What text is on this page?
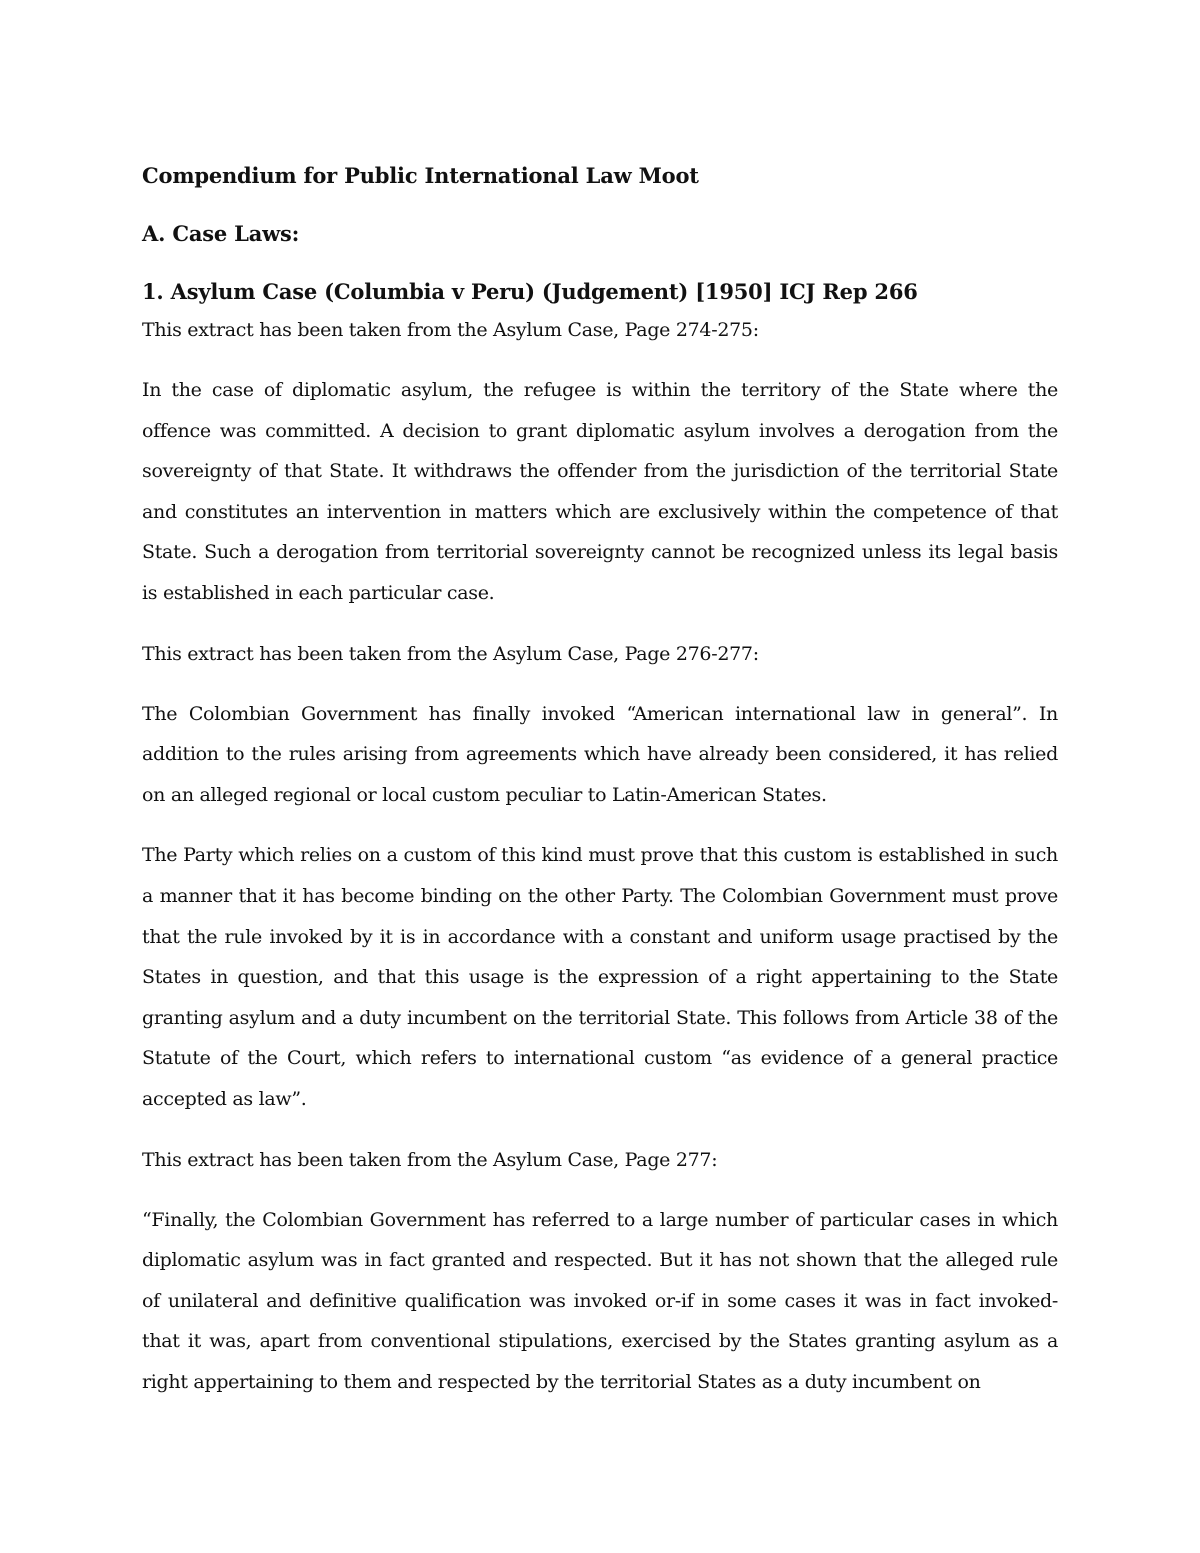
Compendium for Public International Law Moot
A. Case Laws:
1. Asylum Case (Columbia v Peru) (Judgement) [1950] ICJ Rep 266
This extract has been taken from the Asylum Case, Page 274-275:

In the case of diplomatic asylum, the refugee is within the territory of the State where the offence was committed. A decision to grant diplomatic asylum involves a derogation from the sovereignty of that State. It withdraws the offender from the jurisdiction of the territorial State and constitutes an intervention in matters which are exclusively within the competence of that State. Such a derogation from territorial sovereignty cannot be recognized unless its legal basis is established in each particular case.

This extract has been taken from the Asylum Case, Page 276-277:

The Colombian Government has finally invoked “American international law in general”. In addition to the rules arising from agreements which have already been considered, it has relied on an alleged regional or local custom peculiar to Latin-American States.

The Party which relies on a custom of this kind must prove that this custom is established in such a manner that it has become binding on the other Party. The Colombian Government must prove that the rule invoked by it is in accordance with a constant and uniform usage practised by the States in question, and that this usage is the expression of a right appertaining to the State granting asylum and a duty incumbent on the territorial State. This follows from Article 38 of the Statute of the Court, which refers to international custom “as evidence of a general practice accepted as law”.

This extract has been taken from the Asylum Case, Page 277:

“Finally, the Colombian Government has referred to a large number of particular cases in which diplomatic asylum was in fact granted and respected. But it has not shown that the alleged rule of unilateral and definitive qualification was invoked or-if in some cases it was in fact invoked-that it was, apart from conventional stipulations, exercised by the States granting asylum as a right appertaining to them and respected by the territorial States as a duty incumbent on
